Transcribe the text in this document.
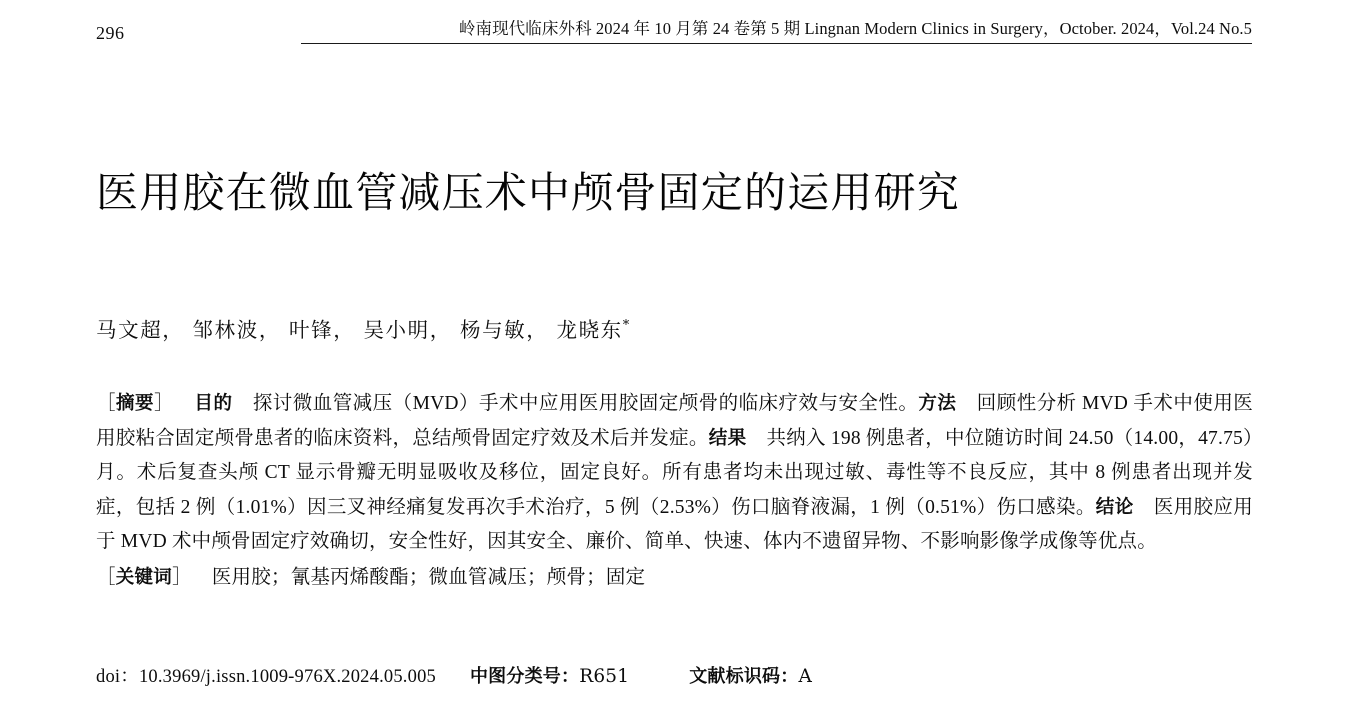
296	岭南现代临床外科 2024 年 10 月第 24 卷第 5 期 Lingnan Modern Clinics in Surgery，October. 2024，Vol.24 No.5
医用胶在微血管减压术中颅骨固定的运用研究
马文超， 邹林波， 叶锋， 吴小明， 杨与敏， 龙晓东*

［摘要］ 目的 探讨微血管减压（MVD）手术中应用医用胶固定颅骨的临床疗效与安全性。方法 回顾性分析 MVD 手术中使用医用胶粘合固定颅骨患者的临床资料，总结颅骨固定疗效及术后并发症。结果 共纳入 198 例患者，中位随访时间 24.50（14.00，47.75）月。术后复查头颅 CT 显示骨瓣无明显吸收及移位，固定良好。所有患者均未出现过敏、毒性等不良反应，其中 8 例患者出现并发症，包括 2 例（1.01%）因三叉神经痛复发再次手术治疗，5 例（2.53%）伤口脑脊液漏，1 例（0.51%）伤口感染。结论 医用胶应用于 MVD 术中颅骨固定疗效确切，安全性好，因其安全、廉价、简单、快速、体内不遗留异物、不影响影像学成像等优点。

［关键词］ 医用胶；氰基丙烯酸酯；微血管减压；颅骨；固定

doi：10.3969/j.issn.1009-976X.2024.05.005 中图分类号：R651	文献标识码：A
